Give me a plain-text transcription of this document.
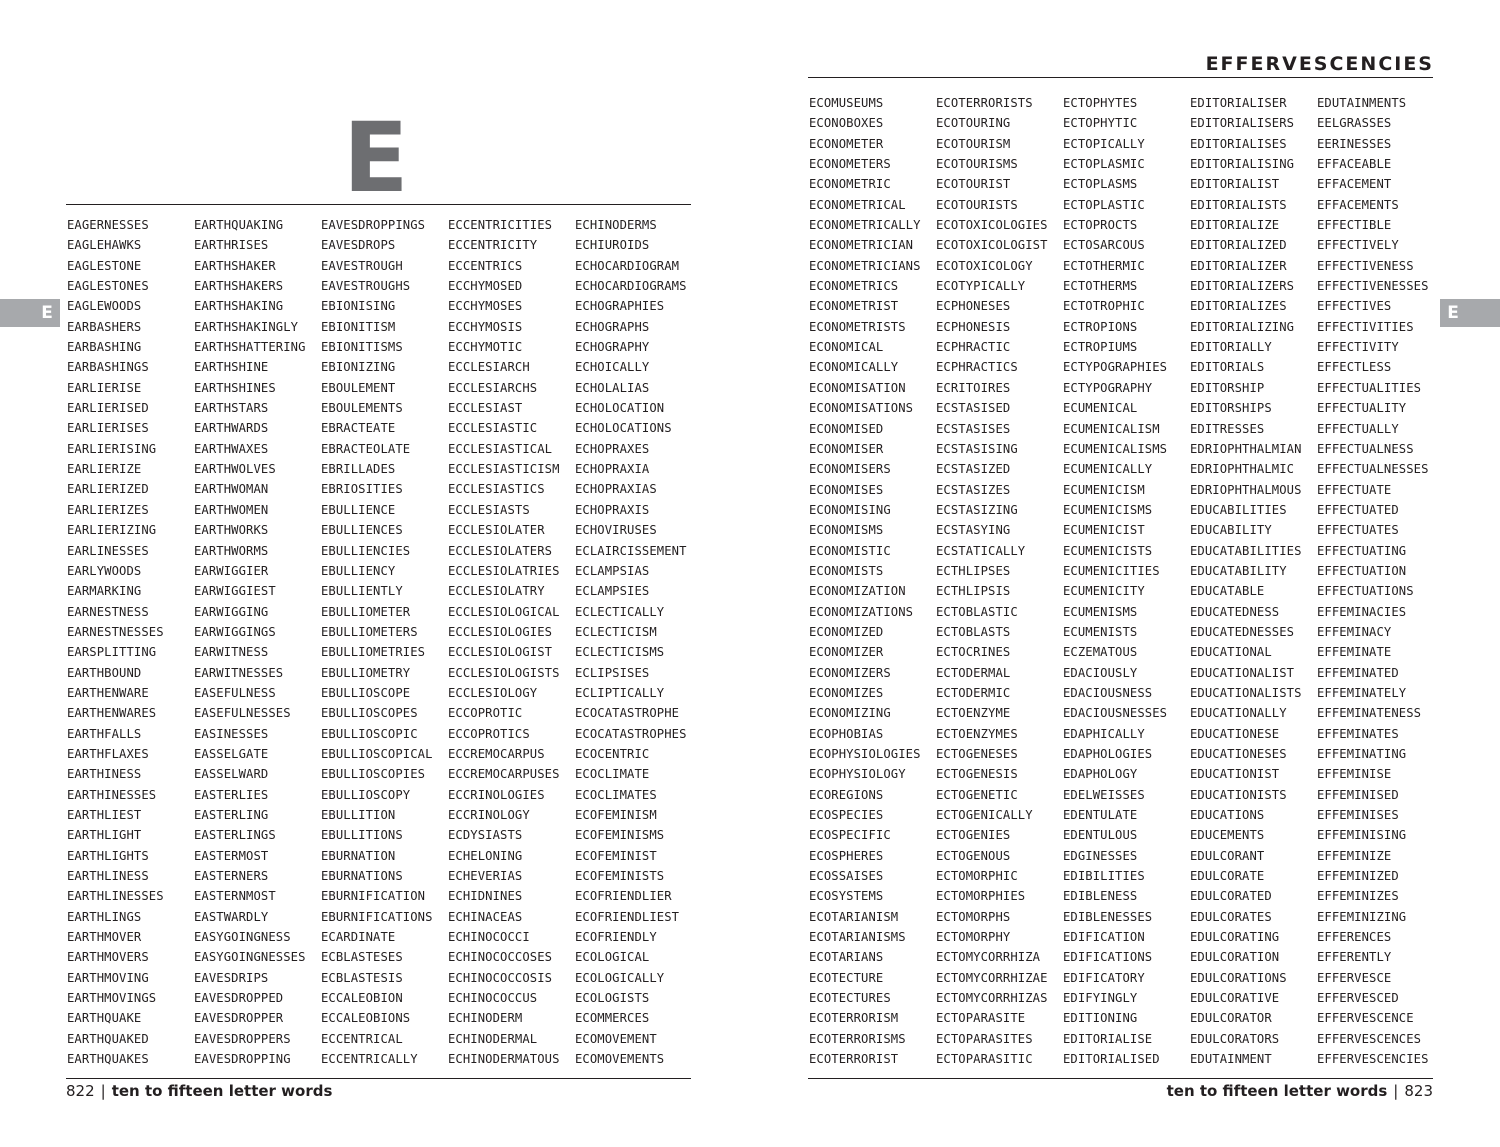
E
E
EAGERNESSES
EAGLEHAWKS
EAGLESTONE
EAGLESTONES
EAGLEWOODS
EARBASHERS
EARBASHING
EARBASHINGS
EARLIERISE
EARLIERISED
EARLIERISES
EARLIERISING
EARLIERIZE
EARLIERIZED
EARLIERIZES
EARLIERIZING
EARLINESSES
EARLYWOODS
EARMARKING
EARNESTNESS
EARNESTNESSES
EARSPLITTING
EARTHBOUND
EARTHENWARE
EARTHENWARES
EARTHFALLS
EARTHFLAXES
EARTHINESS
EARTHINESSES
EARTHLIEST
EARTHLIGHT
EARTHLIGHTS
EARTHLINESS
EARTHLINESSES
EARTHLINGS
EARTHMOVER
EARTHMOVERS
EARTHMOVING
EARTHMOVINGS
EARTHQUAKE
EARTHQUAKED
EARTHQUAKES
EARTHQUAKING
EARTHRISES
EARTHSHAKER
EARTHSHAKERS
EARTHSHAKING
EARTHSHAKINGLY
EARTHSHATTERING
EARTHSHINE
EARTHSHINES
EARTHSTARS
EARTHWARDS
EARTHWAXES
EARTHWOLVES
EARTHWOMAN
EARTHWOMEN
EARTHWORKS
EARTHWORMS
EARWIGGIER
EARWIGGIEST
EARWIGGING
EARWIGGINGS
EARWITNESS
EARWITNESSES
EASEFULNESS
EASEFULNESSES
EASINESSES
EASSELGATE
EASSELWARD
EASTERLIES
EASTERLING
EASTERLINGS
EASTERMOST
EASTERNERS
EASTERNMOST
EASTWARDLY
EASYGOINGNESS
EASYGOINGNESSES
EAVESDRIPS
EAVESDROPPED
EAVESDROPPER
EAVESDROPPERS
EAVESDROPPING
EAVESDROPPINGS
EAVESDROPS
EAVESTROUGH
EAVESTROUGHS
EBIONISING
EBIONITISM
EBIONITISMS
EBIONIZING
EBOULEMENT
EBOULEMENTS
EBRACTEATE
EBRACTEOLATE
EBRILLADES
EBRIOSITIES
EBULLIENCE
EBULLIENCES
EBULLIENCIES
EBULLIENCY
EBULLIENTLY
EBULLIOMETER
EBULLIOMETERS
EBULLIOMETRIES
EBULLIOMETRY
EBULLIOSCOPE
EBULLIOSCOPES
EBULLIOSCOPIC
EBULLIOSCOPICAL
EBULLIOSCOPIES
EBULLIOSCOPY
EBULLITION
EBULLITIONS
EBURNATION
EBURNATIONS
EBURNIFICATION
EBURNIFICATIONS
ECARDINATE
ECBLASTESES
ECBLASTESIS
ECCALEOBION
ECCALEOBIONS
ECCENTRICAL
ECCENTRICALLY
ECCENTRICITIES
ECCENTRICITY
ECCENTRICS
ECCHYMOSED
ECCHYMOSES
ECCHYMOSIS
ECCHYMOTIC
ECCLESIARCH
ECCLESIARCHS
ECCLESIAST
ECCLESIASTIC
ECCLESIASTICAL
ECCLESIASTICISM
ECCLESIASTICS
ECCLESIASTS
ECCLESIOLATER
ECCLESIOLATERS
ECCLESIOLATRIES
ECCLESIOLATRY
ECCLESIOLOGICAL
ECCLESIOLOGIES
ECCLESIOLOGIST
ECCLESIOLOGISTS
ECCLESIOLOGY
ECCOPROTIC
ECCOPROTICS
ECCREMOCARPUS
ECCREMOCARPUSES
ECCRINOLOGIES
ECCRINOLOGY
ECDYSIASTS
ECHELONING
ECHEVERIAS
ECHIDNINES
ECHINACEAS
ECHINOCOCCI
ECHINOCOCCOSES
ECHINOCOCCOSIS
ECHINOCOCCUS
ECHINODERM
ECHINODERMAL
ECHINODERMATOUS
ECHINODERMS
ECHIUROIDS
ECHOCARDIOGRAM
ECHOCARDIOGRAMS
ECHOGRAPHIES
ECHOGRAPHS
ECHOGRAPHY
ECHOICALLY
ECHOLALIAS
ECHOLOCATION
ECHOLOCATIONS
ECHOPRAXES
ECHOPRAXIA
ECHOPRAXIAS
ECHOPRAXIS
ECHOVIRUSES
ECLAIRCISSEMENT
ECLAMPSIAS
ECLAMPSIES
ECLECTICALLY
ECLECTICISM
ECLECTICISMS
ECLIPSISES
ECLIPTICALLY
ECOCATASTROPHE
ECOCATASTROPHES
ECOCENTRIC
ECOCLIMATE
ECOCLIMATES
ECOFEMINISM
ECOFEMINISMS
ECOFEMINIST
ECOFEMINISTS
ECOFRIENDLIER
ECOFRIENDLIEST
ECOFRIENDLY
ECOLOGICAL
ECOLOGICALLY
ECOLOGISTS
ECOMMERCES
ECOMOVEMENT
ECOMOVEMENTS
822 | ten to fifteen letter words
EFFERVESCENCIES
E
ECOMUSEUMS
ECONOBOXES
ECONOMETER
ECONOMETERS
ECONOMETRIC
ECONOMETRICAL
ECONOMETRICALLY
ECONOMETRICIAN
ECONOMETRICIANS
ECONOMETRICS
ECONOMETRIST
ECONOMETRISTS
ECONOMICAL
ECONOMICALLY
ECONOMISATION
ECONOMISATIONS
ECONOMISED
ECONOMISER
ECONOMISERS
ECONOMISES
ECONOMISING
ECONOMISMS
ECONOMISTIC
ECONOMISTS
ECONOMIZATION
ECONOMIZATIONS
ECONOMIZED
ECONOMIZER
ECONOMIZERS
ECONOMIZES
ECONOMIZING
ECOPHOBIAS
ECOPHYSIOLOGIES
ECOPHYSIOLOGY
ECOREGIONS
ECOSPECIES
ECOSPECIFIC
ECOSPHERES
ECOSSAISES
ECOSYSTEMS
ECOTARIANISM
ECOTARIANISMS
ECOTARIANS
ECOTECTURE
ECOTECTURES
ECOTERRORISM
ECOTERRORISMS
ECOTERRORIST
ECOTERRORISTS
ECOTOURING
ECOTOURISM
ECOTOURISMS
ECOTOURIST
ECOTOURISTS
ECOTOXICOLOGIES
ECOTOXICOLOGIST
ECOTOXICOLOGY
ECOTYPICALLY
ECPHONESES
ECPHONESIS
ECPHRACTIC
ECPHRACTICS
ECRITOIRES
ECSTASISED
ECSTASISES
ECSTASISING
ECSTASIZED
ECSTASIZES
ECSTASIZING
ECSTASYING
ECSTATICALLY
ECTHLIPSES
ECTHLIPSIS
ECTOBLASTIC
ECTOBLASTS
ECTOCRINES
ECTODERMAL
ECTODERMIC
ECTOENZYME
ECTOENZYMES
ECTOGENESES
ECTOGENESIS
ECTOGENETIC
ECTOGENICALLY
ECTOGENIES
ECTOGENOUS
ECTOMORPHIC
ECTOMORPHIES
ECTOMORPHS
ECTOMORPHY
ECTOMYCORRHIZA
ECTOMYCORRHIZAE
ECTOMYCORRHIZAS
ECTOPARASITE
ECTOPARASITES
ECTOPARASITIC
ECTOPHYTES
ECTOPHYTIC
ECTOPICALLY
ECTOPLASMIC
ECTOPLASMS
ECTOPLASTIC
ECTOPROCTS
ECTOSARCOUS
ECTOTHERMIC
ECTOTHERMS
ECTOTROPHIC
ECTROPIONS
ECTROPIUMS
ECTYPOGRAPHIES
ECTYPOGRAPHY
ECUMENICAL
ECUMENICALISM
ECUMENICALISMS
ECUMENICALLY
ECUMENICISM
ECUMENICISMS
ECUMENICIST
ECUMENICISTS
ECUMENICITIES
ECUMENICITY
ECUMENISMS
ECUMENISTS
ECZEMATOUS
EDACIOUSLY
EDACIOUSNESS
EDACIOUSNESSES
EDAPHICALLY
EDAPHOLOGIES
EDAPHOLOGY
EDELWEISSES
EDENTULATE
EDENTULOUS
EDGINESSES
EDIBILITIES
EDIBLENESS
EDIBLENESSES
EDIFICATION
EDIFICATIONS
EDIFICATORY
EDIFYINGLY
EDITIONING
EDITORIALISE
EDITORIALISED
EDITORIALISER
EDITORIALISERS
EDITORIALISES
EDITORIALISING
EDITORIALIST
EDITORIALISTS
EDITORIALIZE
EDITORIALIZED
EDITORIALIZER
EDITORIALIZERS
EDITORIALIZES
EDITORIALIZING
EDITORIALLY
EDITORIALS
EDITORSHIP
EDITORSHIPS
EDITRESSES
EDRIOPHTHALMIAN
EDRIOPHTHALMIC
EDRIOPHTHALMOUS
EDUCABILITIES
EDUCABILITY
EDUCATABILITIES
EDUCATABILITY
EDUCATABLE
EDUCATEDNESS
EDUCATEDNESSES
EDUCATIONAL
EDUCATIONALIST
EDUCATIONALISTS
EDUCATIONALLY
EDUCATIONESE
EDUCATIONESES
EDUCATIONIST
EDUCATIONISTS
EDUCATIONS
EDUCEMENTS
EDULCORANT
EDULCORATE
EDULCORATED
EDULCORATES
EDULCORATING
EDULCORATION
EDULCORATIONS
EDULCORATIVE
EDULCORATOR
EDULCORATORS
EDUTAINMENT
EDUTAINMENTS
EELGRASSES
EERINESSES
EFFACEABLE
EFFACEMENT
EFFACEMENTS
EFFECTIBLE
EFFECTIVELY
EFFECTIVENESS
EFFECTIVENESSES
EFFECTIVES
EFFECTIVITIES
EFFECTIVITY
EFFECTLESS
EFFECTUALITIES
EFFECTUALITY
EFFECTUALLY
EFFECTUALNESS
EFFECTUALNESSES
EFFECTUATE
EFFECTUATED
EFFECTUATES
EFFECTUATING
EFFECTUATION
EFFECTUATIONS
EFFEMINACIES
EFFEMINACY
EFFEMINATE
EFFEMINATED
EFFEMINATELY
EFFEMINATENESS
EFFEMINATES
EFFEMINATING
EFFEMINISE
EFFEMINISED
EFFEMINISES
EFFEMINISING
EFFEMINIZE
EFFEMINIZED
EFFEMINIZES
EFFEMINIZING
EFFERENCES
EFFERENTLY
EFFERVESCE
EFFERVESCED
EFFERVESCENCE
EFFERVESCENCES
EFFERVESCENCIES
ten to fifteen letter words | 823
